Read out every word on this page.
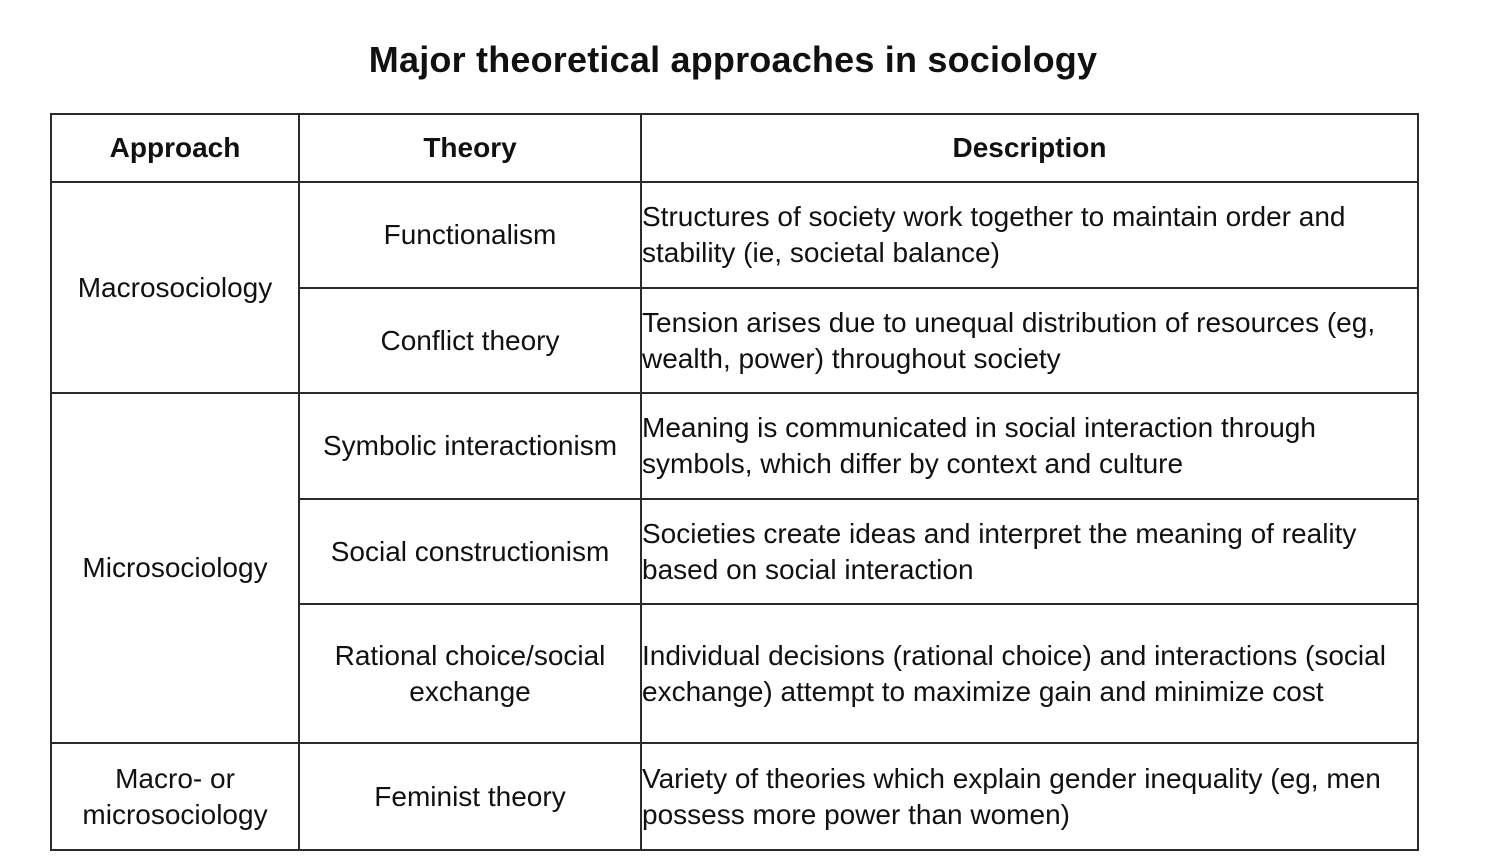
Major theoretical approaches in sociology
Approach	Theory	Description
Macrosociology	Functionalism	Structures of society work together to maintain order and stability (ie, societal balance)
	Conflict theory	Tension arises due to unequal distribution of resources (eg, wealth, power) throughout society
Microsociology	Symbolic interactionism	Meaning is communicated in social interaction through symbols, which differ by context and culture
	Social constructionism	Societies create ideas and interpret the meaning of reality based on social interaction
	Rational choice/social exchange	Individual decisions (rational choice) and interactions (social exchange) attempt to maximize gain and minimize cost
Macro- or microsociology	Feminist theory	Variety of theories which explain gender inequality (eg, men possess more power than women)
